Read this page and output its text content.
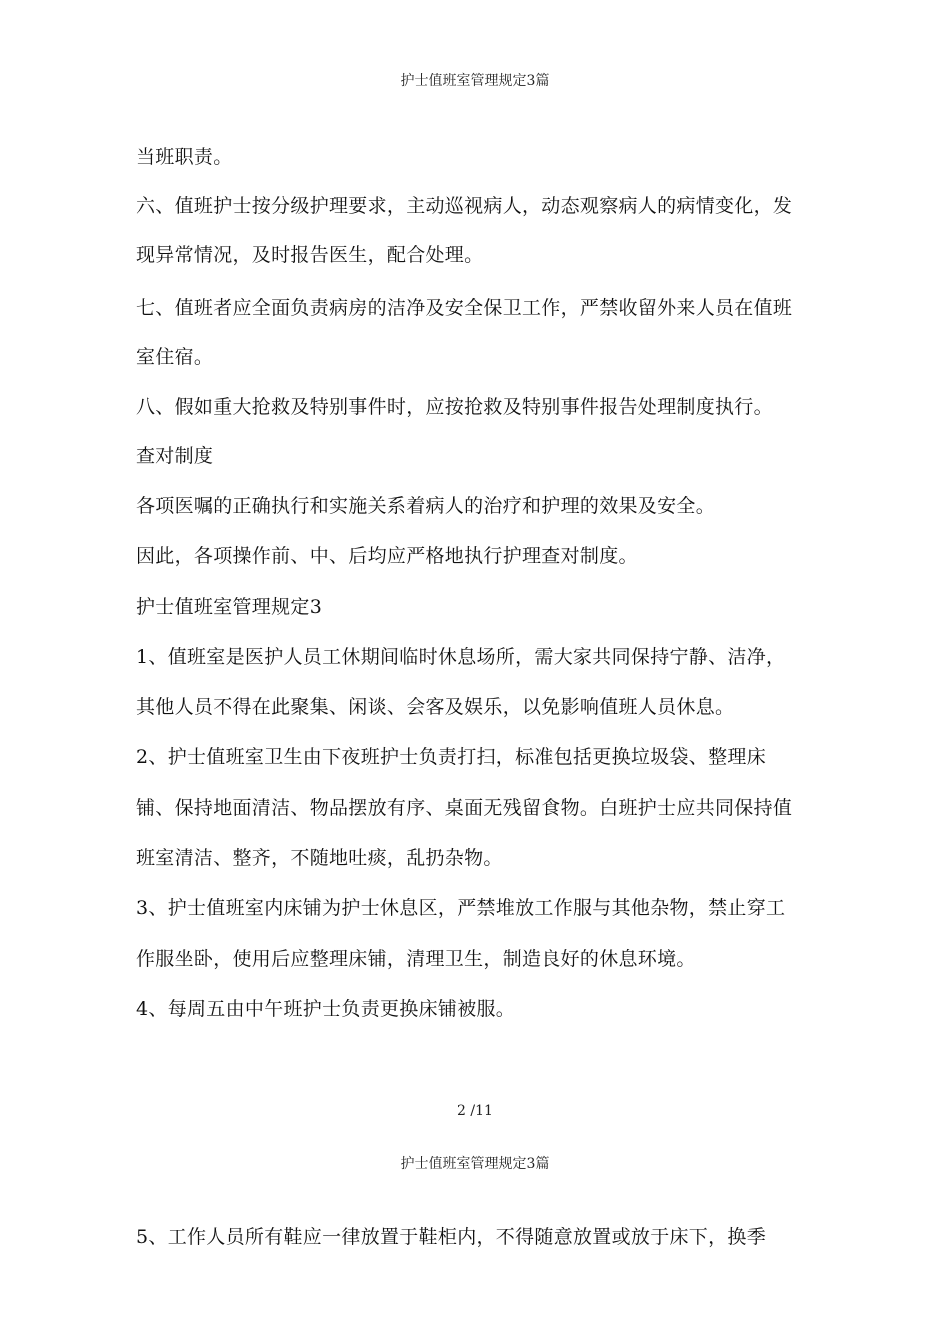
护士值班室管理规定3篇
当班职责。
六、值班护士按分级护理要求，主动巡视病人，动态观察病人的病情变化，发
现异常情况，及时报告医生，配合处理。
七、值班者应全面负责病房的洁净及安全保卫工作，严禁收留外来人员在值班
室住宿。
八、假如重大抢救及特别事件时，应按抢救及特别事件报告处理制度执行。
查对制度
各项医嘱的正确执行和实施关系着病人的治疗和护理的效果及安全。
因此，各项操作前、中、后均应严格地执行护理查对制度。
护士值班室管理规定3
1、值班室是医护人员工休期间临时休息场所，需大家共同保持宁静、洁净，
其他人员不得在此聚集、闲谈、会客及娱乐，以免影响值班人员休息。
2、护士值班室卫生由下夜班护士负责打扫，标准包括更换垃圾袋、整理床
铺、保持地面清洁、物品摆放有序、桌面无残留食物。白班护士应共同保持值
班室清洁、整齐，不随地吐痰，乱扔杂物。
3、护士值班室内床铺为护士休息区，严禁堆放工作服与其他杂物，禁止穿工
作服坐卧，使用后应整理床铺，清理卫生，制造良好的休息环境。
4、每周五由中午班护士负责更换床铺被服。
2 /11
护士值班室管理规定3篇
5、工作人员所有鞋应一律放置于鞋柜内，不得随意放置或放于床下，换季
